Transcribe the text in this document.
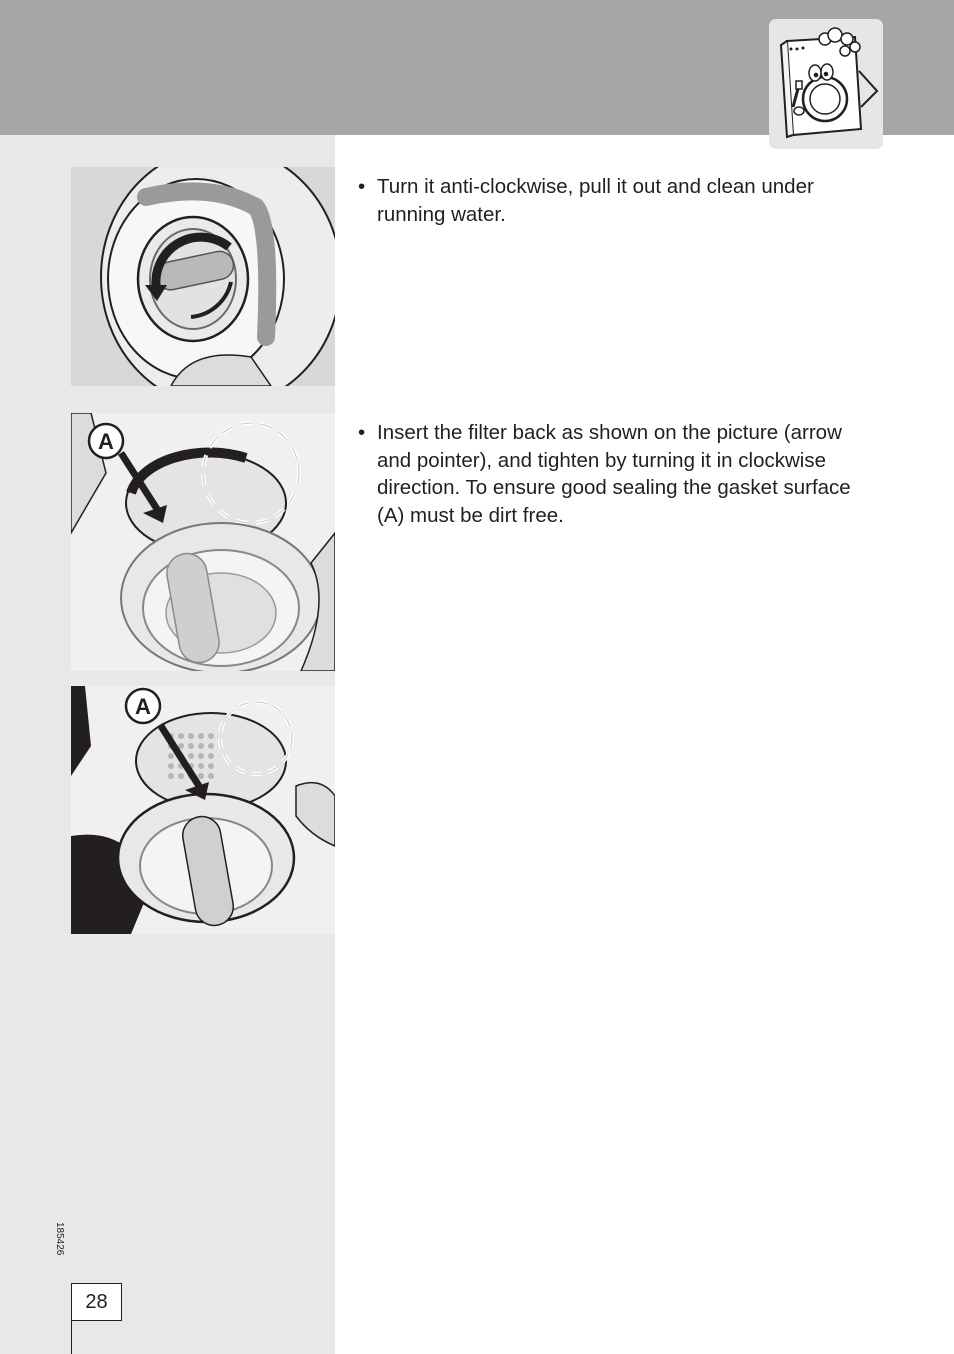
A
A
• Turn it anti-clockwise, pull it out and clean under running water.
• Insert the filter back as shown on the picture (arrow and pointer), and tighten by turning it in clockwise direction. To ensure good sealing the gasket surface (A) must be dirt free.
185426
28
